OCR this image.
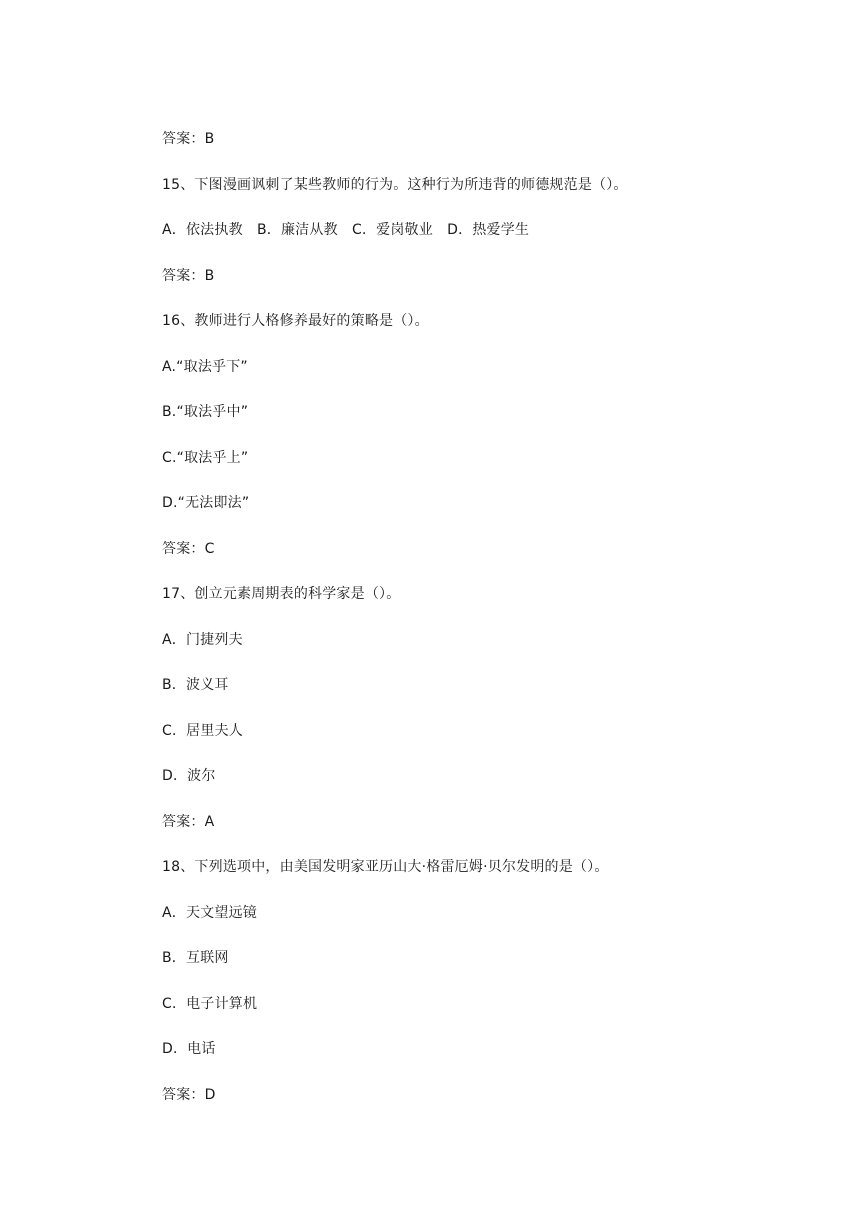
答案：B

15、下图漫画讽刺了某些教师的行为。这种行为所违背的师德规范是（）。

A．依法执教　B．廉洁从教　C．爱岗敬业　D．热爱学生

答案：B

16、教师进行人格修养最好的策略是（）。

A.“取法乎下”

B.“取法乎中”

C.“取法乎上”

D.“无法即法”

答案：C

17、创立元素周期表的科学家是（）。

A．门捷列夫

B．波义耳

C．居里夫人

D．波尔

答案：A

18、下列选项中，由美国发明家亚历山大·格雷厄姆·贝尔发明的是（）。

A．天文望远镜

B．互联网

C．电子计算机

D．电话

答案：D
